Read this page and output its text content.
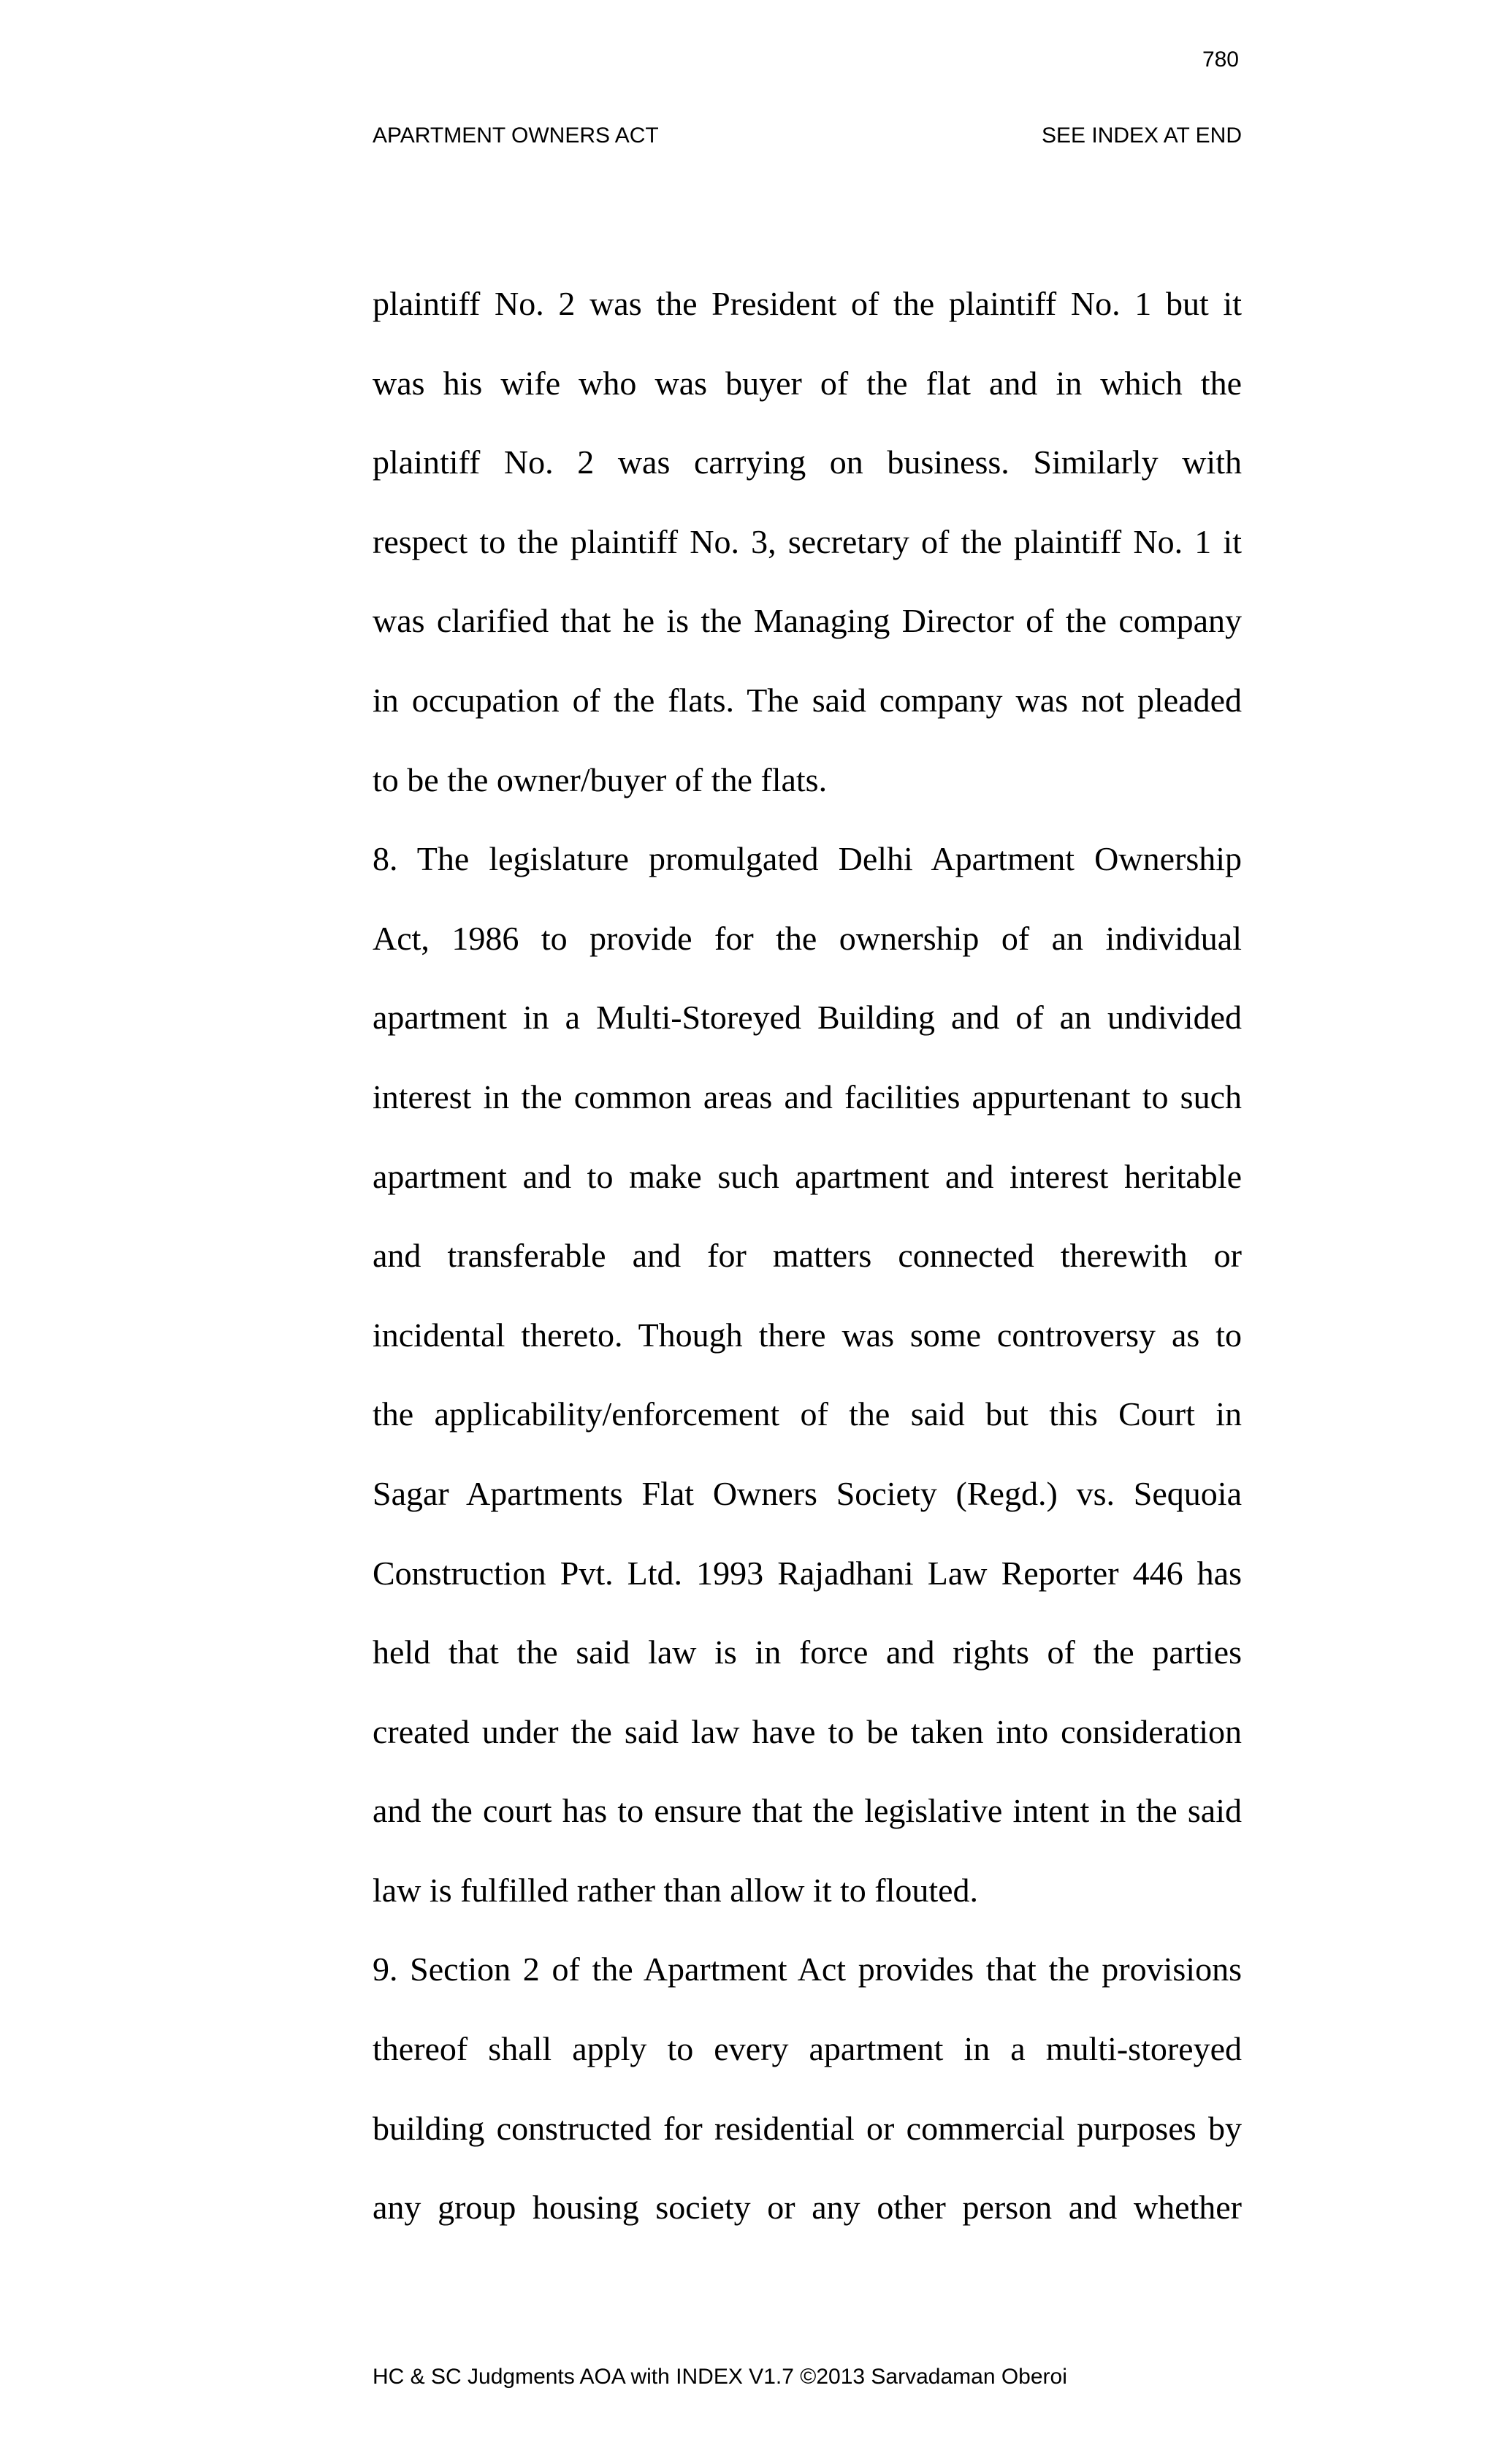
780
APARTMENT OWNERS ACT	SEE INDEX AT END
plaintiff No. 2 was the President of the plaintiff No. 1 but it
was his wife who was buyer of the flat and in which the
plaintiff No. 2 was carrying on business. Similarly with
respect to the plaintiff No. 3, secretary of the plaintiff No. 1 it
was clarified that he is the Managing Director of the company
in occupation of the flats. The said company was not pleaded
to be the owner/buyer of the flats.
8. The legislature promulgated Delhi Apartment Ownership
Act, 1986 to provide for the ownership of an individual
apartment in a Multi-Storeyed Building and of an undivided
interest in the common areas and facilities appurtenant to such
apartment and to make such apartment and interest heritable
and transferable and for matters connected therewith or
incidental thereto. Though there was some controversy as to
the applicability/enforcement of the said but this Court in
Sagar Apartments Flat Owners Society (Regd.) vs. Sequoia
Construction Pvt. Ltd. 1993 Rajadhani Law Reporter 446 has
held that the said law is in force and rights of the parties
created under the said law have to be taken into consideration
and the court has to ensure that the legislative intent in the said
law is fulfilled rather than allow it to flouted.
9. Section 2 of the Apartment Act provides that the provisions
thereof shall apply to every apartment in a multi-storeyed
building constructed for residential or commercial purposes by
any group housing society or any other person and whether
HC & SC Judgments AOA with INDEX V1.7 ©2013 Sarvadaman Oberoi
